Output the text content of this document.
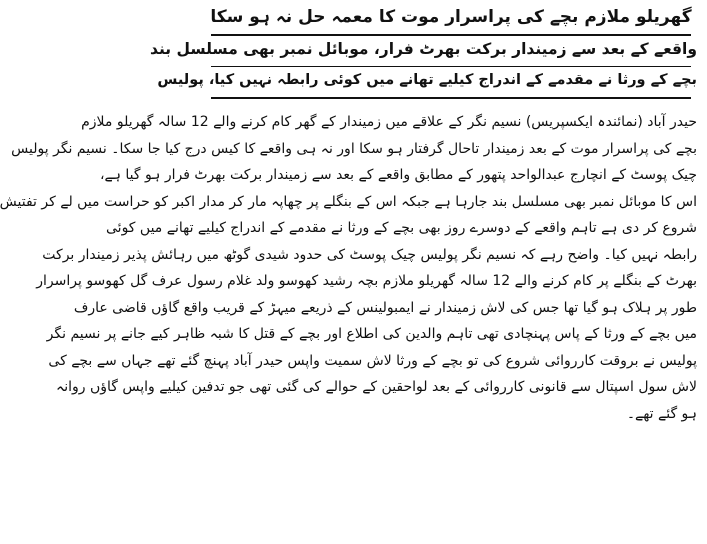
گھریلو ملازم بچے کی پراسرار موت کا معمہ حل نہ ہو سکا
واقعے کے بعد سے زمیندار برکت بھرٹ فرار، موبائل نمبر بھی مسلسل بند
بچے کے ورثا نے مقدمے کے اندراج کیلیے تھانے میں کوئی رابطہ نہیں کیا، پولیس
حیدر آباد (نمائندہ ایکسپریس) نسیم نگر کے علاقے میں زمیندار کے گھر کام کرنے والے 12 سالہ گھریلو ملازم
بچے کی پراسرار موت کے بعد زمیندار تاحال گرفتار ہو سکا اور نہ ہی واقعے کا کیس درج کیا جا سکا۔ نسیم نگر پولیس
چیک پوسٹ کے انچارج عبدالواحد پتھور کے مطابق واقعے کے بعد سے زمیندار برکت بھرٹ فرار ہو گیا ہے،
اس کا موبائل نمبر بھی مسلسل بند جارہا ہے جبکہ اس کے بنگلے پر چھاپہ مار کر مدار اکبر کو حراست میں لے کر تفتیش
شروع کر دی ہے تاہم واقعے کے دوسرے روز بھی بچے کے ورثا نے مقدمے کے اندراج کیلیے تھانے میں کوئی
رابطہ نہیں کیا۔ واضح رہے کہ نسیم نگر پولیس چیک پوسٹ کی حدود شیدی گوٹھ میں رہائش پذیر زمیندار برکت
بھرٹ کے بنگلے پر کام کرنے والے 12 سالہ گھریلو ملازم بچہ رشید کھوسو ولد غلام رسول عرف گل کھوسو پراسرار
طور پر ہلاک ہو گیا تھا جس کی لاش زمیندار نے ایمبولینس کے ذریعے میہڑ کے قریب واقع گاؤں قاضی عارف
میں بچے کے ورثا کے پاس پہنچادی تھی تاہم والدین کی اطلاع اور بچے کے قتل کا شبہ ظاہر کیے جانے پر نسیم نگر
پولیس نے بروقت کارروائی شروع کی تو بچے کے ورثا لاش سمیت واپس حیدر آباد پہنچ گئے تھے جہاں سے بچے کی
لاش سول اسپتال سے قانونی کارروائی کے بعد لواحقین کے حوالے کی گئی تھی جو تدفین کیلیے واپس گاؤں روانہ
ہو گئے تھے۔
